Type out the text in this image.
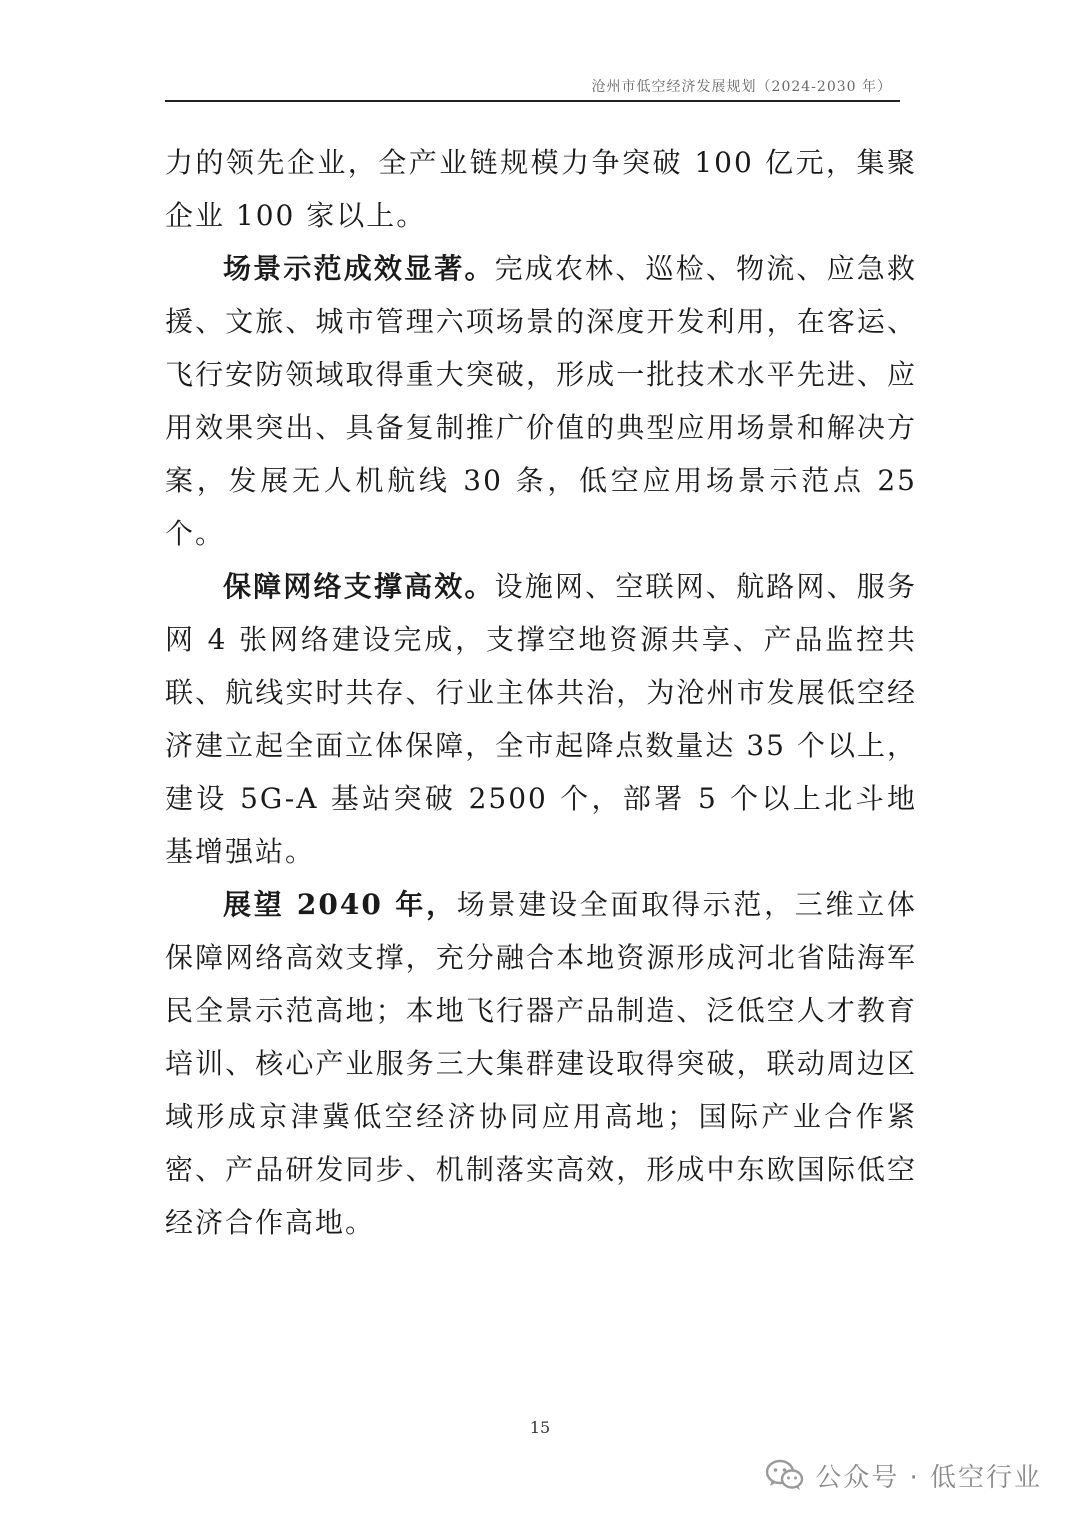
沧州市低空经济发展规划（2024-2030 年）

力的领先企业，全产业链规模力争突破 100 亿元，集聚企业 100 家以上。

场景示范成效显著。完成农林、巡检、物流、应急救援、文旅、城市管理六项场景的深度开发利用，在客运、飞行安防领域取得重大突破，形成一批技术水平先进、应用效果突出、具备复制推广价值的典型应用场景和解决方案，发展无人机航线 30 条，低空应用场景示范点 25 个。

保障网络支撑高效。设施网、空联网、航路网、服务网 4 张网络建设完成，支撑空地资源共享、产品监控共联、航线实时共存、行业主体共治，为沧州市发展低空经济建立起全面立体保障，全市起降点数量达 35 个以上，建设 5G-A 基站突破 2500 个，部署 5 个以上北斗地基增强站。

展望 2040 年，场景建设全面取得示范，三维立体保障网络高效支撑，充分融合本地资源形成河北省陆海军民全景示范高地；本地飞行器产品制造、泛低空人才教育培训、核心产业服务三大集群建设取得突破，联动周边区域形成京津冀低空经济协同应用高地；国际产业合作紧密、产品研发同步、机制落实高效，形成中东欧国际低空经济合作高地。

15
公众号 · 低空行业
